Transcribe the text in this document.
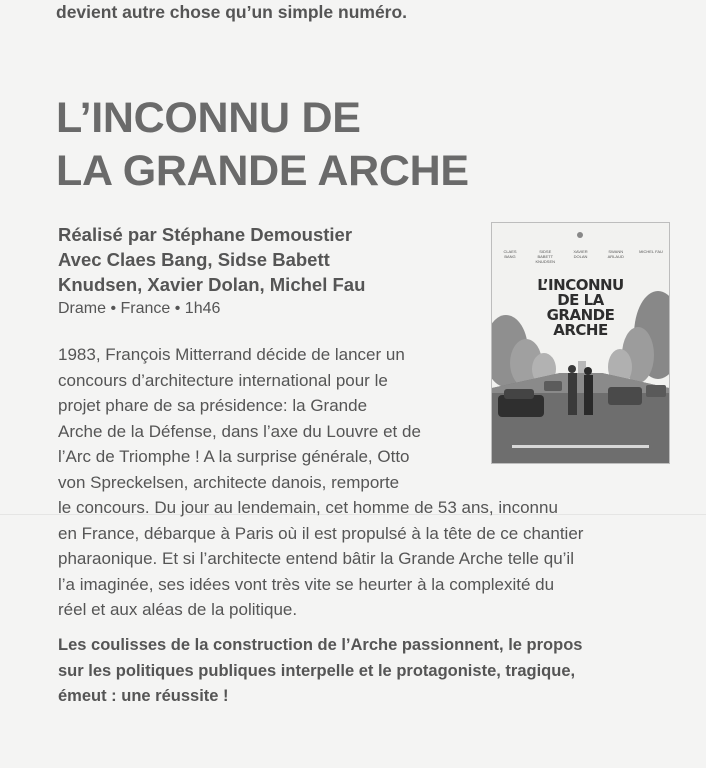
devient autre chose qu’un simple numéro.
L’INCONNU DE
LA GRANDE ARCHE
Réalisé par Stéphane Demoustier
Avec Claes Bang, Sidse Babett
Knudsen, Xavier Dolan, Michel Fau
Drame • France • 1h46
1983, François Mitterrand décide de lancer un
concours d’architecture international pour le
projet phare de sa présidence: la Grande
Arche de la Défense, dans l’axe du Louvre et de
l’Arc de Triomphe ! A la surprise générale, Otto
von Spreckelsen, architecte danois, remporte
le concours. Du jour au lendemain, cet homme de 53 ans, inconnu
en France, débarque à Paris où il est propulsé à la tête de ce chantier
pharaonique. Et si l’architecte entend bâtir la Grande Arche telle qu’il
l’a imaginée, ses idées vont très vite se heurter à la complexité du
réel et aux aléas de la politique.
Les coulisses de la construction de l’Arche passionnent, le propos
sur les politiques publiques interpelle et le protagoniste, tragique,
émeut : une réussite !
CLAES BANG
SIDSE BABETT KNUDSEN
XAVIER DOLAN
SWANN ARLAUD
MICHEL FAU
L’INCONNU
DE LA
GRANDE
ARCHE
